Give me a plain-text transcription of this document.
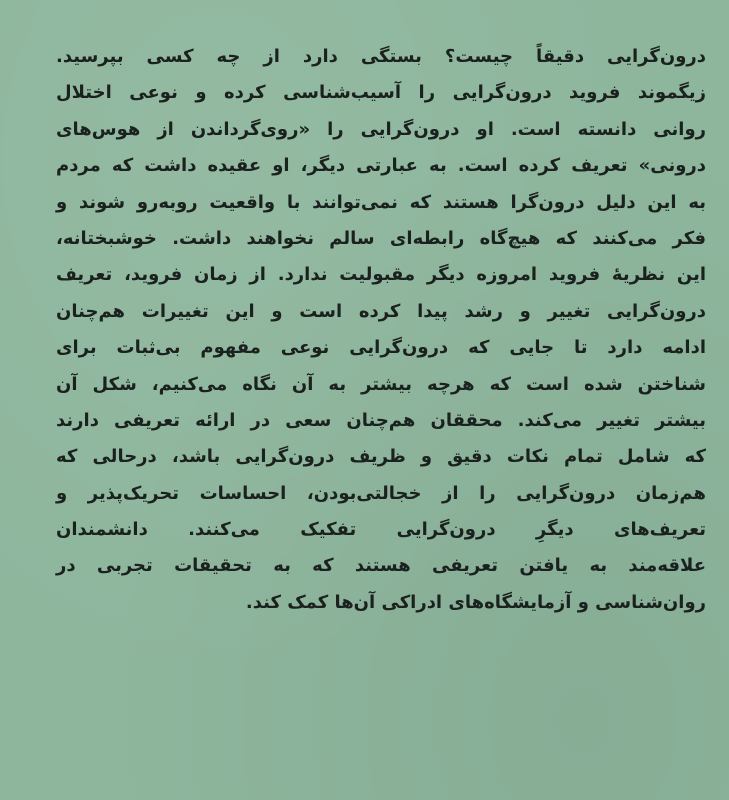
درون‌گرایی دقیقاً چیست؟ بستگی دارد از چه کسی بپرسید.
زیگموند فروید درون‌گرایی را آسیب‌شناسی کرده و نوعی اختلال
روانی دانسته است. او درون‌گرایی را «روی‌گرداندن از هوس‌های
درونی» تعریف کرده است. به عبارتی دیگر، او عقیده داشت که مردم
به این دلیل درون‌گرا هستند که نمی‌توانند با واقعیت روبه‌رو شوند و
فکر می‌کنند که هیچ‌گاه رابطه‌ای سالم نخواهند داشت. خوشبختانه،
این نظریهٔ فروید امروزه دیگر مقبولیت ندارد. از زمان فروید، تعریف
درون‌گرایی تغییر و رشد پیدا کرده است و این تغییرات هم‌چنان
ادامه دارد تا جایی که درون‌گرایی نوعی مفهوم بی‌ثبات برای
شناختن شده است که هرچه بیشتر به آن نگاه می‌کنیم، شکل آن
بیشتر تغییر می‌کند. محققان هم‌چنان سعی در ارائه تعریفی دارند
که شامل تمام نکات دقیق و ظریف درون‌گرایی باشد، درحالی که
هم‌زمان درون‌گرایی را از خجالتی‌بودن، احساسات تحریک‌پذیر و
تعریف‌های دیگرِ درون‌گرایی تفکیک می‌کنند. دانشمندان
علاقه‌مند به یافتن تعریفی هستند که به تحقیقات تجربی در
روان‌شناسی و آزمایشگاه‌های ادراکی آن‌ها کمک کند.
